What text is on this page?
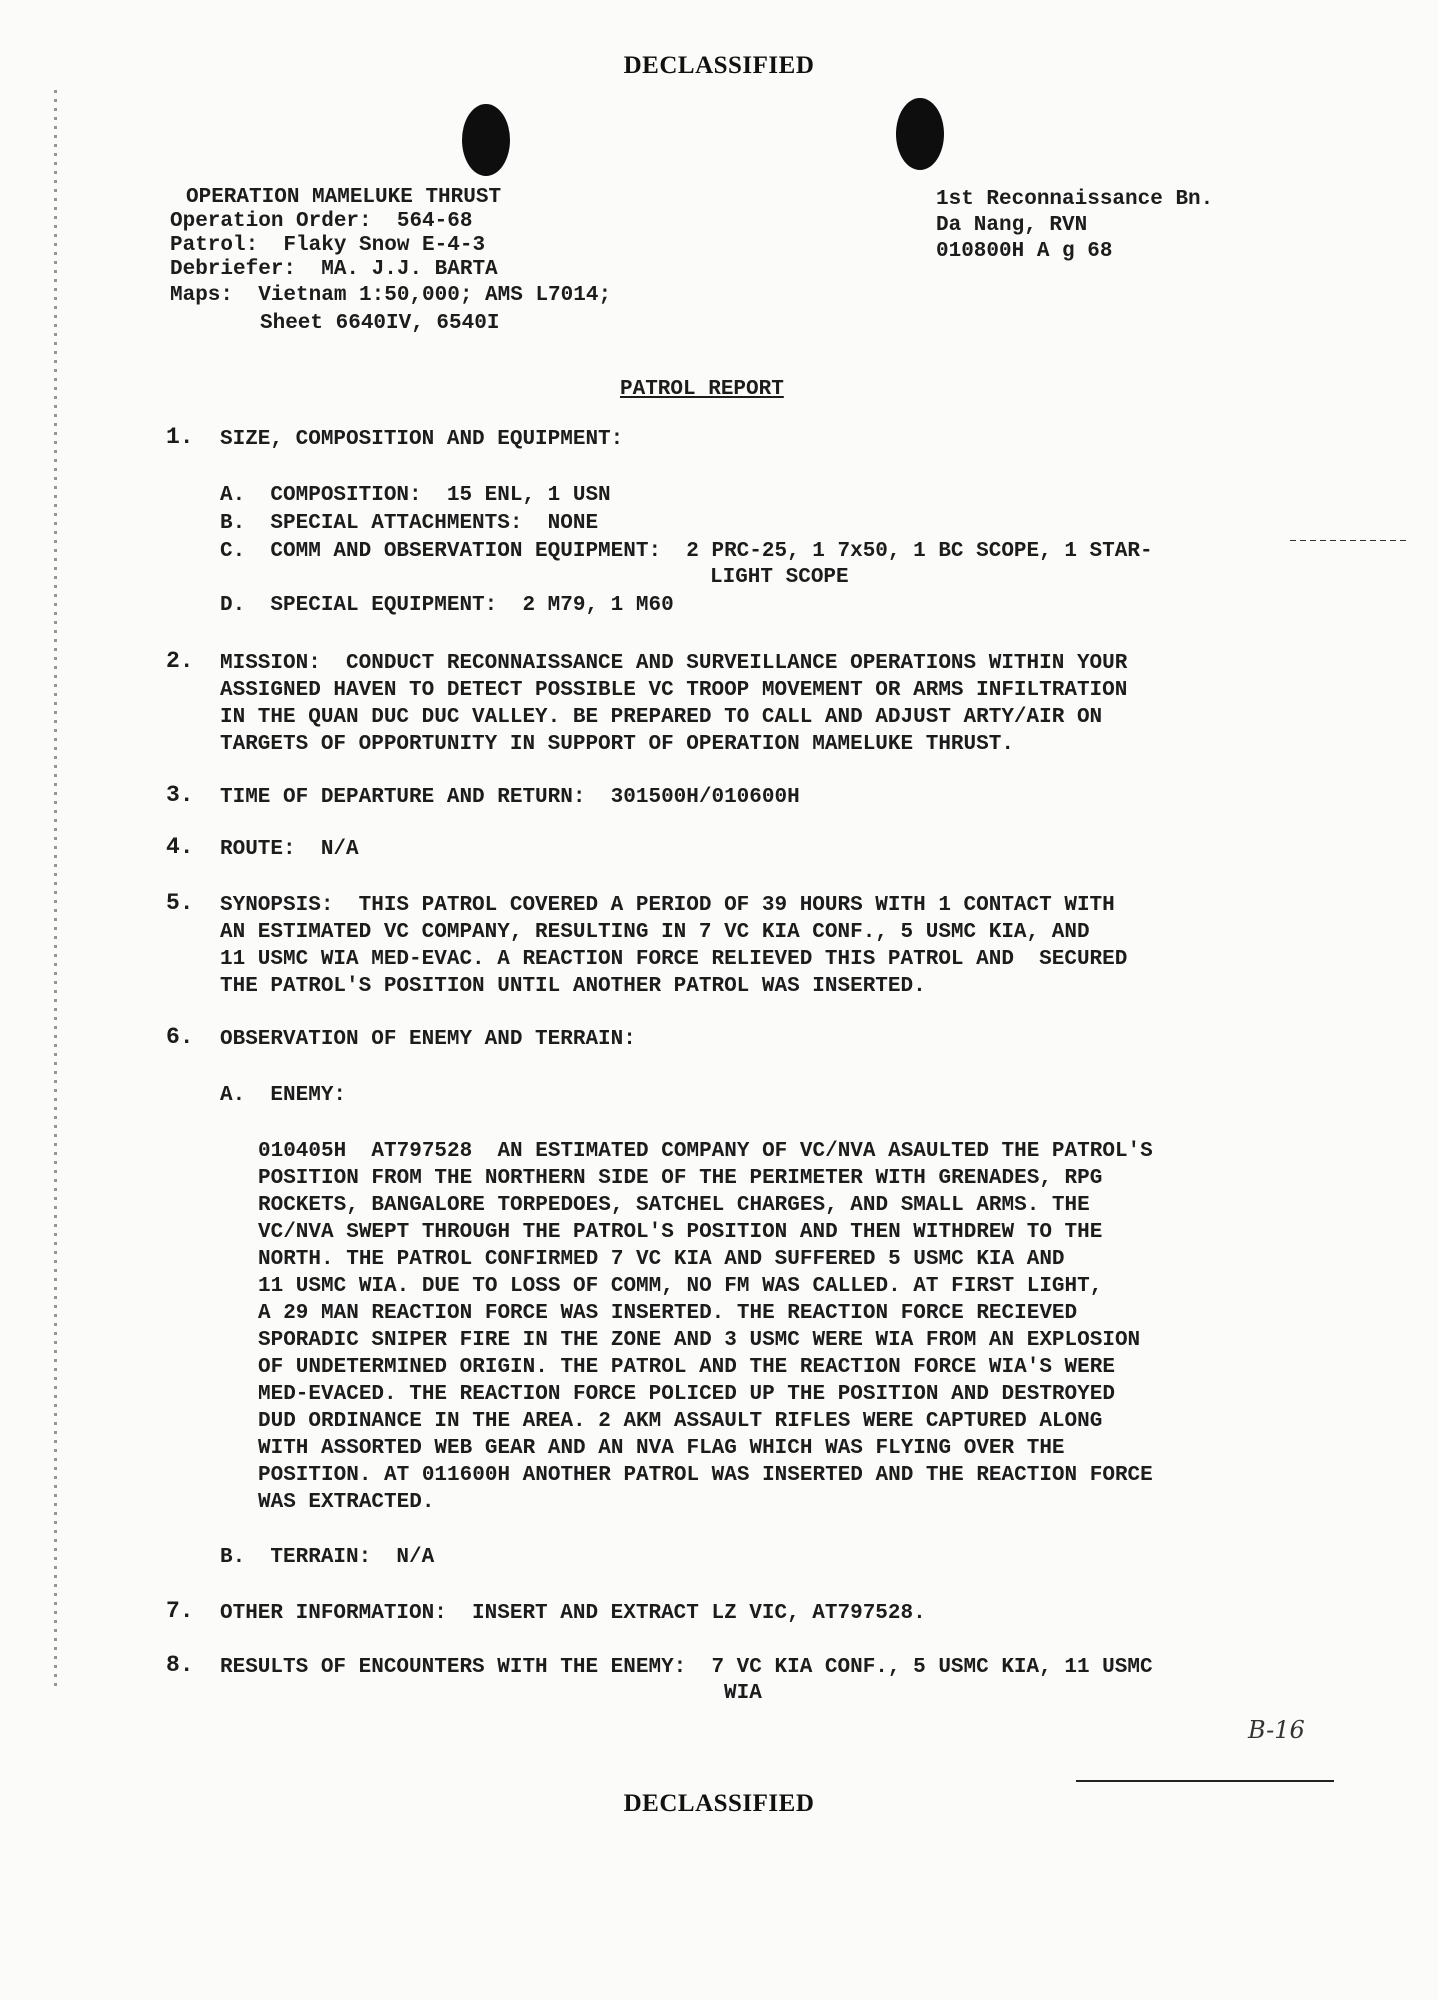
DECLASSIFIED
OPERATION MAMELUKE THRUST
Operation Order:  564-68
Patrol:  Flaky Snow E-4-3
Debriefer:  MA. J.J. BARTA
Maps:  Vietnam 1:50,000; AMS L7014;
Sheet 6640IV, 6540I
1st Reconnaissance Bn.
Da Nang, RVN
010800H A g 68
PATROL REPORT
1. SIZE, COMPOSITION AND EQUIPMENT:
A.  COMPOSITION:  15 ENL, 1 USN
B.  SPECIAL ATTACHMENTS:  NONE
C.  COMM AND OBSERVATION EQUIPMENT:  2 PRC-25, 1 7x50, 1 BC SCOPE, 1 STAR-
LIGHT SCOPE
D.  SPECIAL EQUIPMENT:  2 M79, 1 M60
2. MISSION:  CONDUCT RECONNAISSANCE AND SURVEILLANCE OPERATIONS WITHIN YOUR
ASSIGNED HAVEN TO DETECT POSSIBLE VC TROOP MOVEMENT OR ARMS INFILTRATION
IN THE QUAN DUC DUC VALLEY. BE PREPARED TO CALL AND ADJUST ARTY/AIR ON
TARGETS OF OPPORTUNITY IN SUPPORT OF OPERATION MAMELUKE THRUST.
3. TIME OF DEPARTURE AND RETURN:  301500H/010600H
4. ROUTE:  N/A
5. SYNOPSIS:  THIS PATROL COVERED A PERIOD OF 39 HOURS WITH 1 CONTACT WITH
AN ESTIMATED VC COMPANY, RESULTING IN 7 VC KIA CONF., 5 USMC KIA, AND
11 USMC WIA MED-EVAC. A REACTION FORCE RELIEVED THIS PATROL AND  SECURED
THE PATROL'S POSITION UNTIL ANOTHER PATROL WAS INSERTED.
6. OBSERVATION OF ENEMY AND TERRAIN:
A.  ENEMY:
010405H  AT797528  AN ESTIMATED COMPANY OF VC/NVA ASAULTED THE PATROL'S
POSITION FROM THE NORTHERN SIDE OF THE PERIMETER WITH GRENADES, RPG
ROCKETS, BANGALORE TORPEDOES, SATCHEL CHARGES, AND SMALL ARMS. THE
VC/NVA SWEPT THROUGH THE PATROL'S POSITION AND THEN WITHDREW TO THE
NORTH. THE PATROL CONFIRMED 7 VC KIA AND SUFFERED 5 USMC KIA AND
11 USMC WIA. DUE TO LOSS OF COMM, NO FM WAS CALLED. AT FIRST LIGHT,
A 29 MAN REACTION FORCE WAS INSERTED. THE REACTION FORCE RECIEVED
SPORADIC SNIPER FIRE IN THE ZONE AND 3 USMC WERE WIA FROM AN EXPLOSION
OF UNDETERMINED ORIGIN. THE PATROL AND THE REACTION FORCE WIA'S WERE
MED-EVACED. THE REACTION FORCE POLICED UP THE POSITION AND DESTROYED
DUD ORDINANCE IN THE AREA. 2 AKM ASSAULT RIFLES WERE CAPTURED ALONG
WITH ASSORTED WEB GEAR AND AN NVA FLAG WHICH WAS FLYING OVER THE
POSITION. AT 011600H ANOTHER PATROL WAS INSERTED AND THE REACTION FORCE
WAS EXTRACTED.
B.  TERRAIN:  N/A
7. OTHER INFORMATION:  INSERT AND EXTRACT LZ VIC, AT797528.
8. RESULTS OF ENCOUNTERS WITH THE ENEMY:  7 VC KIA CONF., 5 USMC KIA, 11 USMC
WIA
B-16
DECLASSIFIED
